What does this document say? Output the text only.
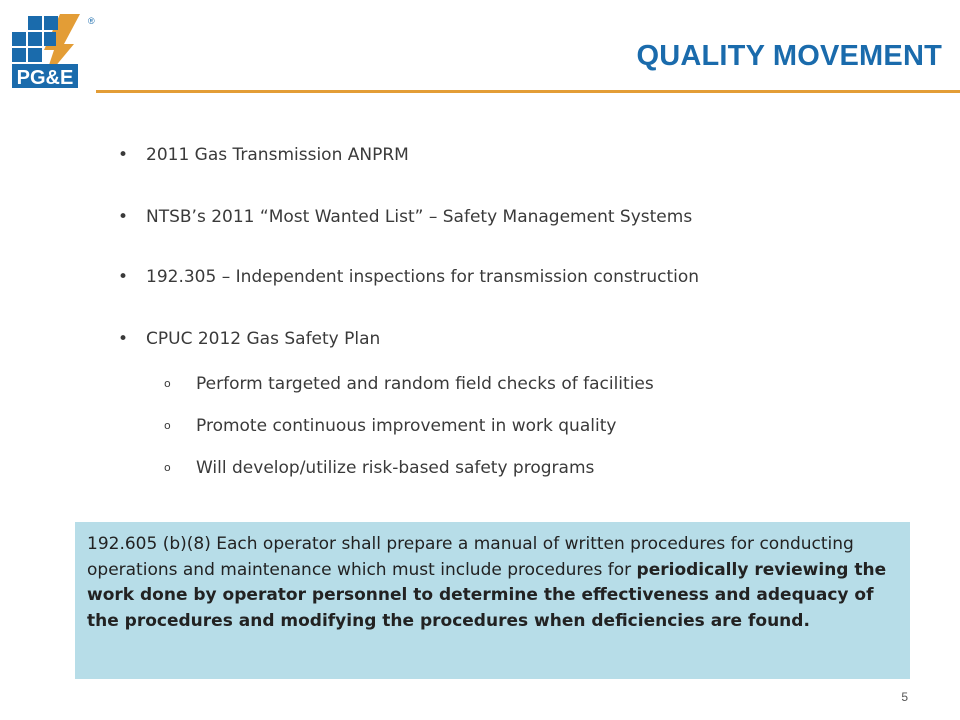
PG&E
®
QUALITY MOVEMENT
• 2011 Gas Transmission ANPRM
• NTSB’s 2011 “Most Wanted List” – Safety Management Systems
• 192.305 – Independent inspections for transmission construction
• CPUC 2012 Gas Safety Plan
o Perform targeted and random field checks of facilities
o Promote continuous improvement in work quality
o Will develop/utilize risk-based safety programs
192.605 (b)(8) Each operator shall prepare a manual of written procedures for conducting operations and maintenance which must include procedures for periodically reviewing the work done by operator personnel to determine the effectiveness and adequacy of the procedures and modifying the procedures when deficiencies are found.
5
